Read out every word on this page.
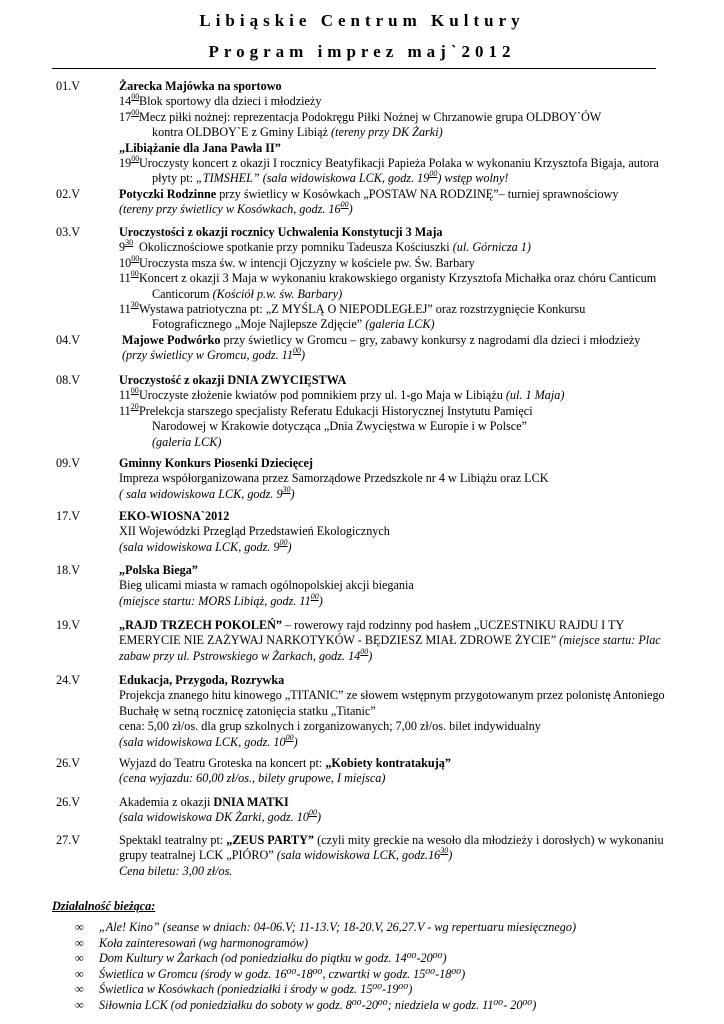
Libiąskie Centrum Kultury
Program imprez maj`2012
01.V	Żarecka Majówka na sportowo
$14^{00}$ Blok sportowy dla dzieci i młodzieży
$17^{00}$ Mecz piłki nożnej: reprezentacja Podokręgu Piłki Nożnej w Chrzanowie grupa OLDBOY`ÓW
kontra OLDBOY`E z Gminy Libiąż (tereny przy DK Żarki)
„Libiążanie dla Jana Pawła II”
$19^{00}$ Uroczysty koncert z okazji I rocznicy Beatyfikacji Papieża Polaka w wykonaniu Krzysztofa Bigaja, autora
płyty pt: „TIMSHEL” (sala widowiskowa LCK, godz. $19^{00}$) wstęp wolny!
02.V	Potyczki Rodzinne przy świetlicy w Kosówkach „POSTAW NA RODZINĘ”– turniej sprawnościowy
(tereny przy świetlicy w Kosówkach, godz. $16^{00}$)
03.V	Uroczystości z okazji rocznicy Uchwalenia Konstytucji 3 Maja
$9^{30}$ Okolicznościowe spotkanie przy pomniku Tadeusza Kościuszki (ul. Górnicza 1)
$10^{00}$ Uroczysta msza św. w intencji Ojczyzny w kościele pw. Św. Barbary
$11^{00}$ Koncert z okazji 3 Maja w wykonaniu krakowskiego organisty Krzysztofa Michałka oraz chóru Canticum
Canticorum (Kościół p.w. św. Barbary)
$11^{30}$ Wystawa patriotyczna pt: „Z MYŚLĄ O NIEPODLEGŁEJ” oraz rozstrzygnięcie Konkursu
Fotograficznego „Moje Najlepsze Zdjęcie” (galeria LCK)
04.V	Majowe Podwórko przy świetlicy w Gromcu – gry, zabawy konkursy z nagrodami dla dzieci i młodzieży
(przy świetlicy w Gromcu, godz. $11^{00}$)
08.V	Uroczystość z okazji DNIA ZWYCIĘSTWA
$11^{00}$ Uroczyste złożenie kwiatów pod pomnikiem przy ul. 1-go Maja w Libiążu (ul. 1 Maja)
$11^{20}$ Prelekcja starszego specjalisty Referatu Edukacji Historycznej Instytutu Pamięci
Narodowej w Krakowie dotycząca „Dnia Zwycięstwa w Europie i w Polsce”
(galeria LCK)
09.V	Gminny Konkurs Piosenki Dziecięcej
Impreza współorganizowana przez Samorządowe Przedszkole nr 4 w Libiążu oraz LCK
( sala widowiskowa LCK, godz. $9^{30}$)
17.V	EKO-WIOSNA`2012
XII Wojewódzki Przegląd Przedstawień Ekologicznych
(sala widowiskowa LCK, godz. $9^{00}$)
18.V	„Polska Biega”
Bieg ulicami miasta w ramach ogólnopolskiej akcji biegania
(miejsce startu: MORS Libiąż, godz. $11^{00}$)
19.V	„RAJD TRZECH POKOLEŃ” – rowerowy rajd rodzinny pod hasłem „UCZESTNIKU RAJDU I TY
EMERYCIE NIE ZAŻYWAJ NARKOTYKÓW - BĘDZIESZ MIAŁ ZDROWE ŻYCIE” (miejsce startu: Plac
zabaw przy ul. Pstrowskiego w Żarkach, godz. $14^{00}$)
24.V	Edukacja, Przygoda, Rozrywka
Projekcja znanego hitu kinowego „TITANIC” ze słowem wstępnym przygotowanym przez polonistę Antoniego
Buchałę w setną rocznicę zatonięcia statku „Titanic”
cena: 5,00 zł/os. dla grup szkolnych i zorganizowanych; 7,00 zł/os. bilet indywidualny
(sala widowiskowa LCK, godz. $10^{00}$)
26.V	Wyjazd do Teatru Groteska na koncert pt: „Kobiety kontratakują”
(cena wyjazdu: 60,00 zł/os., bilety grupowe, I miejsca)
26.V	Akademia z okazji DNIA MATKI
(sala widowiskowa DK Żarki, godz. $10^{00}$)
27.V	Spektakl teatralny pt: „ZEUS PARTY” (czyli mity greckie na wesoło dla młodzieży i dorosłych) w wykonaniu
grupy teatralnej LCK „PIÓRO” (sala widowiskowa LCK, $godz.16^{30}$)
Cena biletu: 3,00 zł/os.
Działalność bieżąca:
∞	„Ale! Kino” (seanse w dniach: 04-06.V; 11-13.V; 18-20.V, 26,27.V - wg repertuaru miesięcznego)
∞	Koła zainteresowań (wg harmonogramów)
∞	Dom Kultury w Żarkach (od poniedziałku do piątku w godz. 14⁰⁰-20⁰⁰)
∞	Świetlica w Gromcu (środy w godz. 16⁰⁰-18⁰⁰, czwartki w godz. 15⁰⁰-18⁰⁰)
∞	Świetlica w Kosówkach (poniedziałki i środy w godz. 15⁰⁰-19⁰⁰)
∞	Siłownia LCK (od poniedziałku do soboty w godz. 8⁰⁰-20⁰⁰; niedziela w godz. 11⁰⁰- 20⁰⁰)
